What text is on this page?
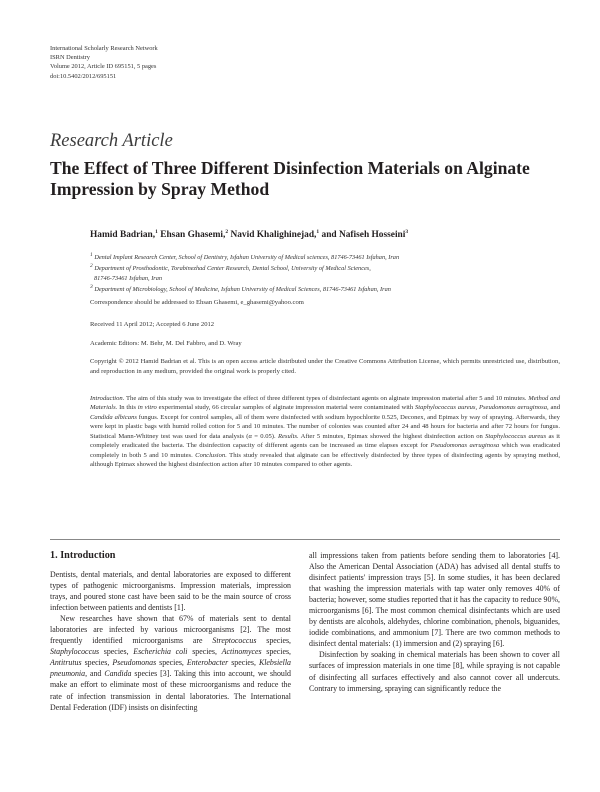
International Scholarly Research Network
ISRN Dentistry
Volume 2012, Article ID 695151, 5 pages
doi:10.5402/2012/695151
Research Article
The Effect of Three Different Disinfection Materials on Alginate Impression by Spray Method
Hamid Badrian,$^1$ Ehsan Ghasemi,$^2$ Navid Khalighinejad,$^1$ and Nafiseh Hosseini$^3$
$^1$ Dental Implant Research Center, School of Dentistry, Isfahan University of Medical sciences, 81746-73461 Isfahan, Iran
$^2$ Department of Prosthodontic, Torabinezhad Center Research, Dental School, University of Medical Sciences,
81746-73461 Isfahan, Iran
$^3$ Department of Microbiology, School of Medicine, Isfahan University of Medical Sciences, 81746-73461 Isfahan, Iran
Correspondence should be addressed to Ehsan Ghasemi, e_ghasemi@yahoo.com
Received 11 April 2012; Accepted 6 June 2012
Academic Editors: M. Behr, M. Del Fabbro, and D. Wray
Copyright © 2012 Hamid Badrian et al. This is an open access article distributed under the Creative Commons Attribution License, which permits unrestricted use, distribution, and reproduction in any medium, provided the original work is properly cited.
Introduction. The aim of this study was to investigate the effect of three different types of disinfectant agents on alginate impression material after 5 and 10 minutes. Method and Materials. In this in vitro experimental study, 66 circular samples of alginate impression material were contaminated with Staphylococcus aureus, Pseudomonas aeruginosa, and Candida albicans fungus. Except for control samples, all of them were disinfected with sodium hypochlorite 0.525, Deconex, and Epimax by way of spraying. Afterwards, they were kept in plastic bags with humid rolled cotton for 5 and 10 minutes. The number of colonies was counted after 24 and 48 hours for bacteria and after 72 hours for fungus. Statistical Mann-Whitney test was used for data analysis (α = 0.05). Results. After 5 minutes, Epimax showed the highest disinfection action on Staphylococcus aureus as it completely eradicated the bacteria. The disinfection capacity of different agents can be increased as time elapses except for Pseudomonas aeruginosa which was eradicated completely in both 5 and 10 minutes. Conclusion. This study revealed that alginate can be effectively disinfected by three types of disinfecting agents by spraying method, although Epimax showed the highest disinfection action after 10 minutes compared to other agents.
1. Introduction

Dentists, dental materials, and dental laboratories are exposed to different types of pathogenic microorganisms. Impression materials, impression trays, and poured stone cast have been said to be the main source of cross infection between patients and dentists [1].

New researches have shown that 67% of materials sent to dental laboratories are infected by various microorganisms [2]. The most frequently identified microorganisms are Streptococcus species, Staphylococcus species, Escherichia coli species, Actinomyces species, Antitrutus species, Pseudomonas species, Enterobacter species, Klebsiella pneumonia, and Candida species [3]. Taking this into account, we should make an effort to eliminate most of these microorganisms and reduce the rate of infection transmission in dental laboratories. The International Dental Federation (IDF) insists on disinfecting

all impressions taken from patients before sending them to laboratories [4]. Also the American Dental Association (ADA) has advised all dental stuffs to disinfect patients' impression trays [5]. In some studies, it has been declared that washing the impression materials with tap water only removes 40% of bacteria; however, some studies reported that it has the capacity to reduce 90%, microorganisms [6]. The most common chemical disinfectants which are used by dentists are alcohols, aldehydes, chlorine combination, phenols, biguanides, iodide combinations, and ammonium [7]. There are two common methods to disinfect dental materials: (1) immersion and (2) spraying [6].

Disinfection by soaking in chemical materials has been shown to cover all surfaces of impression materials in one time [8], while spraying is not capable of disinfecting all surfaces effectively and also cannot cover all undercuts. Contrary to immersing, spraying can significantly reduce the
